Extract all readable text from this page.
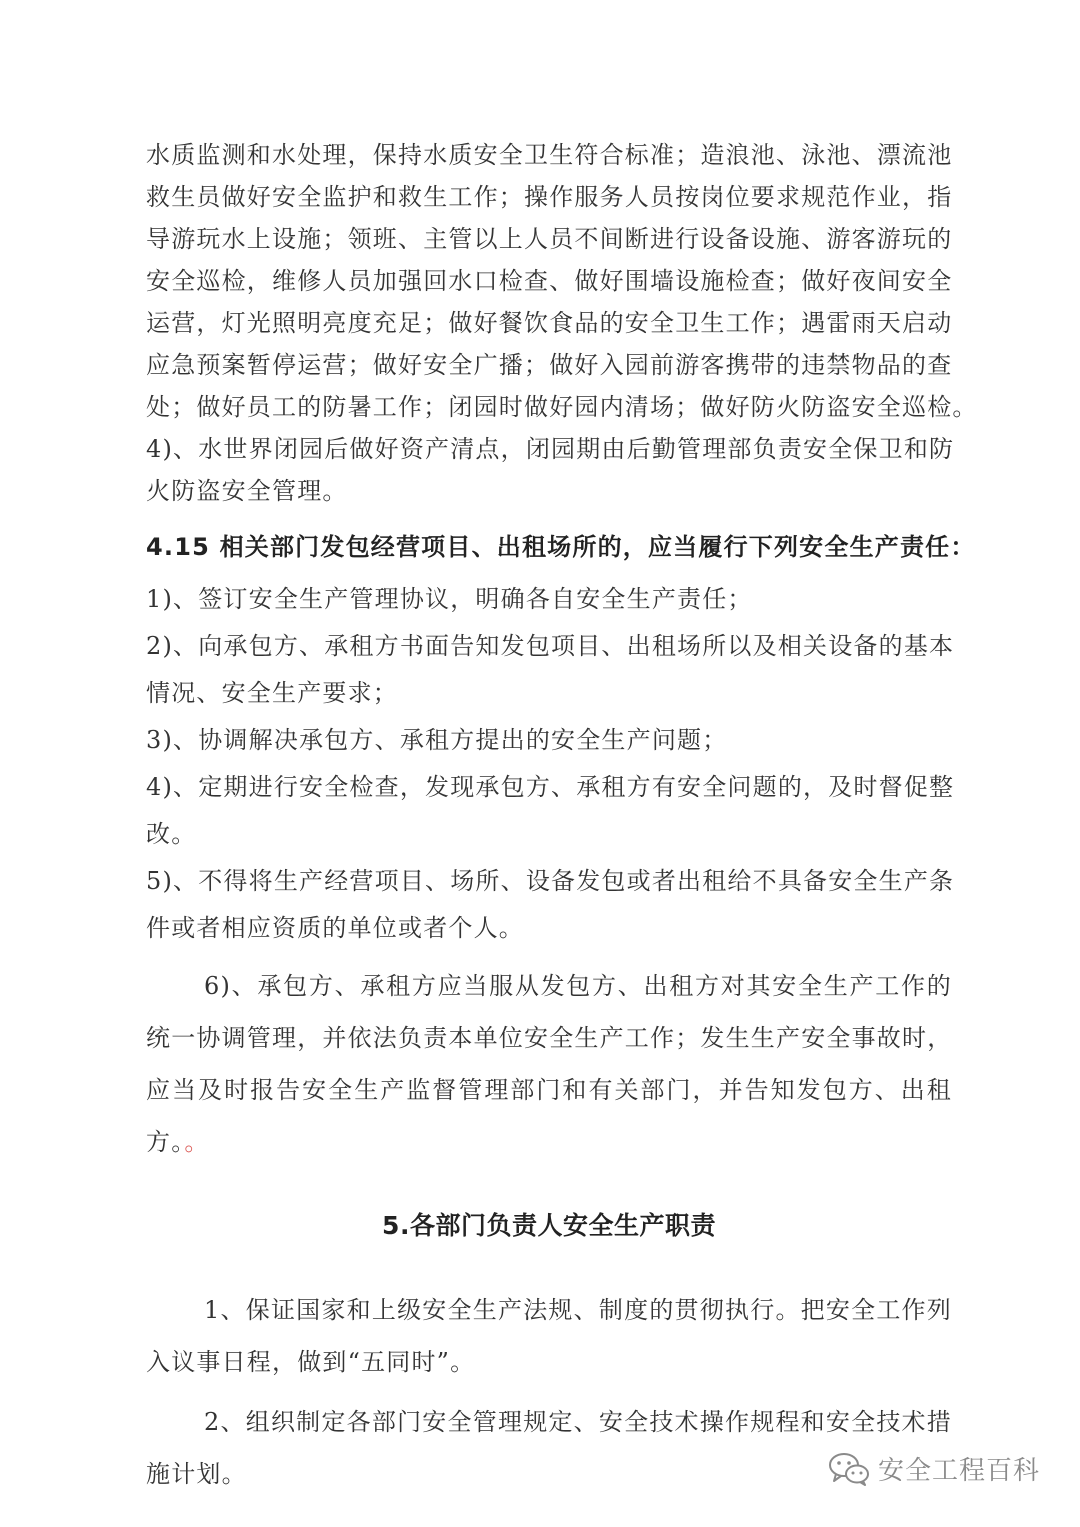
水质监测和水处理，保持水质安全卫生符合标准；造浪池、泳池、漂流池
救生员做好安全监护和救生工作；操作服务人员按岗位要求规范作业，指
导游玩水上设施；领班、主管以上人员不间断进行设备设施、游客游玩的
安全巡检，维修人员加强回水口检查、做好围墙设施检查；做好夜间安全
运营，灯光照明亮度充足；做好餐饮食品的安全卫生工作；遇雷雨天启动
应急预案暂停运营；做好安全广播；做好入园前游客携带的违禁物品的查
处；做好员工的防暑工作；闭园时做好园内清场；做好防火防盗安全巡检。
4)、水世界闭园后做好资产清点，闭园期由后勤管理部负责安全保卫和防
火防盗安全管理。
4.15 相关部门发包经营项目、出租场所的，应当履行下列安全生产责任：
1)、签订安全生产管理协议，明确各自安全生产责任；
2)、向承包方、承租方书面告知发包项目、出租场所以及相关设备的基本
情况、安全生产要求；
3)、协调解决承包方、承租方提出的安全生产问题；
4)、定期进行安全检查，发现承包方、承租方有安全问题的，及时督促整
改。
5)、不得将生产经营项目、场所、设备发包或者出租给不具备安全生产条
件或者相应资质的单位或者个人。
6)、承包方、承租方应当服从发包方、出租方对其安全生产工作的
统一协调管理，并依法负责本单位安全生产工作；发生生产安全事故时，
应当及时报告安全生产监督管理部门和有关部门，并告知发包方、出租
方。。
5.各部门负责人安全生产职责
1、保证国家和上级安全生产法规、制度的贯彻执行。把安全工作列
入议事日程，做到“五同时”。
2、组织制定各部门安全管理规定、安全技术操作规程和安全技术措
施计划。	安全工程百科
